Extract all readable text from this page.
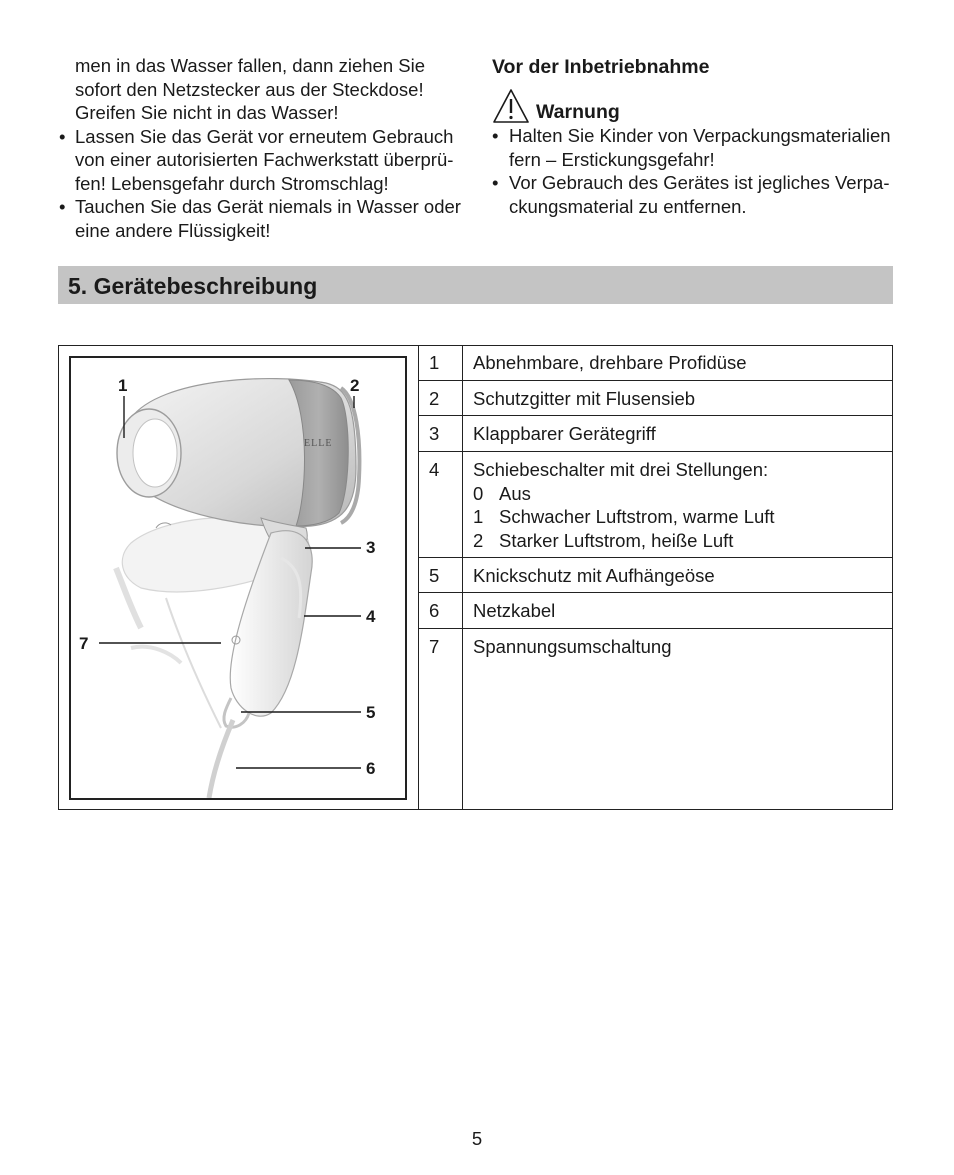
men in das Wasser fallen, dann ziehen Sie sofort den Netzstecker aus der Steckdose! Greifen Sie nicht in das Wasser!
• Lassen Sie das Gerät vor erneutem Gebrauch von einer autorisierten Fachwerkstatt überprü-fen! Lebensgefahr durch Stromschlag!
• Tauchen Sie das Gerät niemals in Wasser oder eine andere Flüssigkeit!
Vor der Inbetriebnahme
Warnung

• Halten Sie Kinder von Verpackungsmaterialien fern – Erstickungsgefahr!

• Vor Gebrauch des Gerätes ist jegliches Verpa-ckungsmaterial zu entfernen.

5. Gerätebeschreibung
ELLE
1	2
3
4
5
6
7
1 Abnehmbare, drehbare Profidüse
2 Schutzgitter mit Flusensieb
3 Klappbarer Gerätegriff
4 Schiebeschalter mit drei Stellungen:
0 Aus
1 Schwacher Luftstrom, warme Luft
2 Starker Luftstrom, heiße Luft
5 Knickschutz mit Aufhängeöse
6 Netzkabel
7 Spannungsumschaltung
5
